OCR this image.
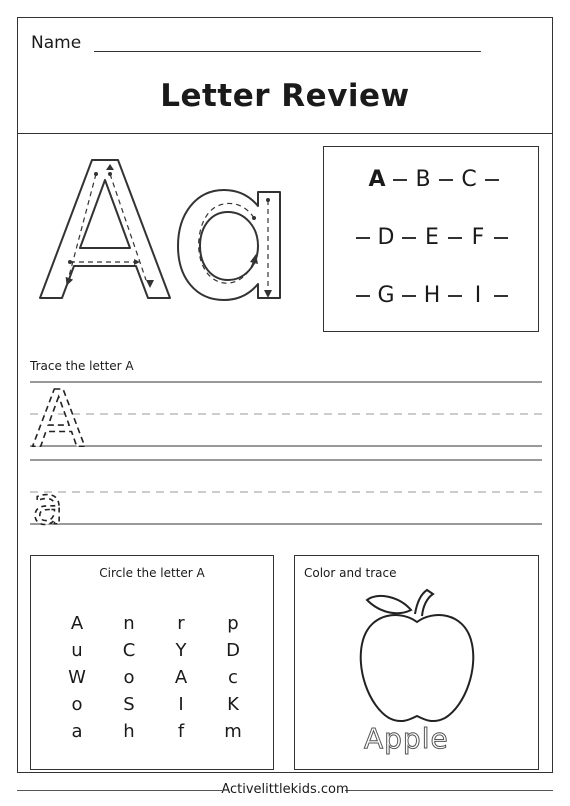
Name
Letter Review
A B C
D	E	F
G H	I
Trace the letter A
A
a
Circle the letter A
A	n	r	p
u	C	Y	D
W	o	A	c
o	S	I	K
a	h	f	m
Color and trace
Apple
Activelittlekids.com
